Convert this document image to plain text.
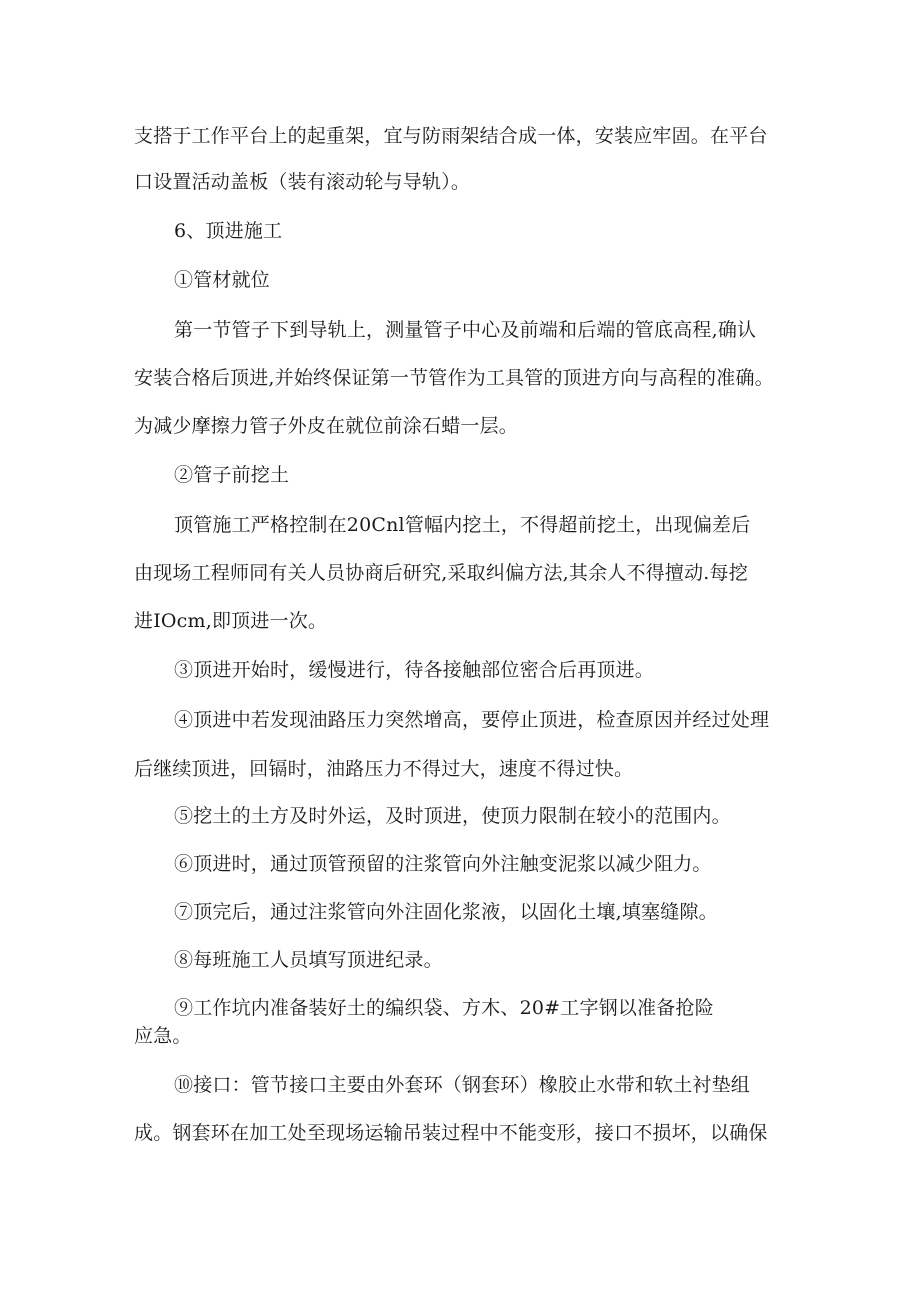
支搭于工作平台上的起重架，宜与防雨架结合成一体，安装应牢固。在平台
口设置活动盖板（装有滚动轮与导轨）。
6、顶进施工
①管材就位
第一节管子下到导轨上，测量管子中心及前端和后端的管底高程,确认
安装合格后顶进,并始终保证第一节管作为工具管的顶进方向与高程的准确。
为减少摩擦力管子外皮在就位前涂石蜡一层。
②管子前挖土
顶管施工严格控制在20Cnl管幅内挖土，不得超前挖土，出现偏差后
由现场工程师同有关人员协商后研究,采取纠偏方法,其余人不得擅动.每挖
进IOcm,即顶进一次。
③顶进开始时，缓慢进行，待各接触部位密合后再顶进。
④顶进中若发现油路压力突然增高，要停止顶进，检查原因并经过处理
后继续顶进，回镉时，油路压力不得过大，速度不得过快。
⑤挖土的土方及时外运，及时顶进，使顶力限制在较小的范围内。
⑥顶进时，通过顶管预留的注浆管向外注触变泥浆以减少阻力。
⑦顶完后，通过注浆管向外注固化浆液，以固化土壤,填塞缝隙。
⑧每班施工人员填写顶进纪录。
⑨工作坑内准备装好土的编织袋、方木、20#工字钢以准备抢险
应急。
⑩接口：管节接口主要由外套环（钢套环）橡胶止水带和软土衬垫组
成。钢套环在加工处至现场运输吊装过程中不能变形，接口不损坏，以确保
